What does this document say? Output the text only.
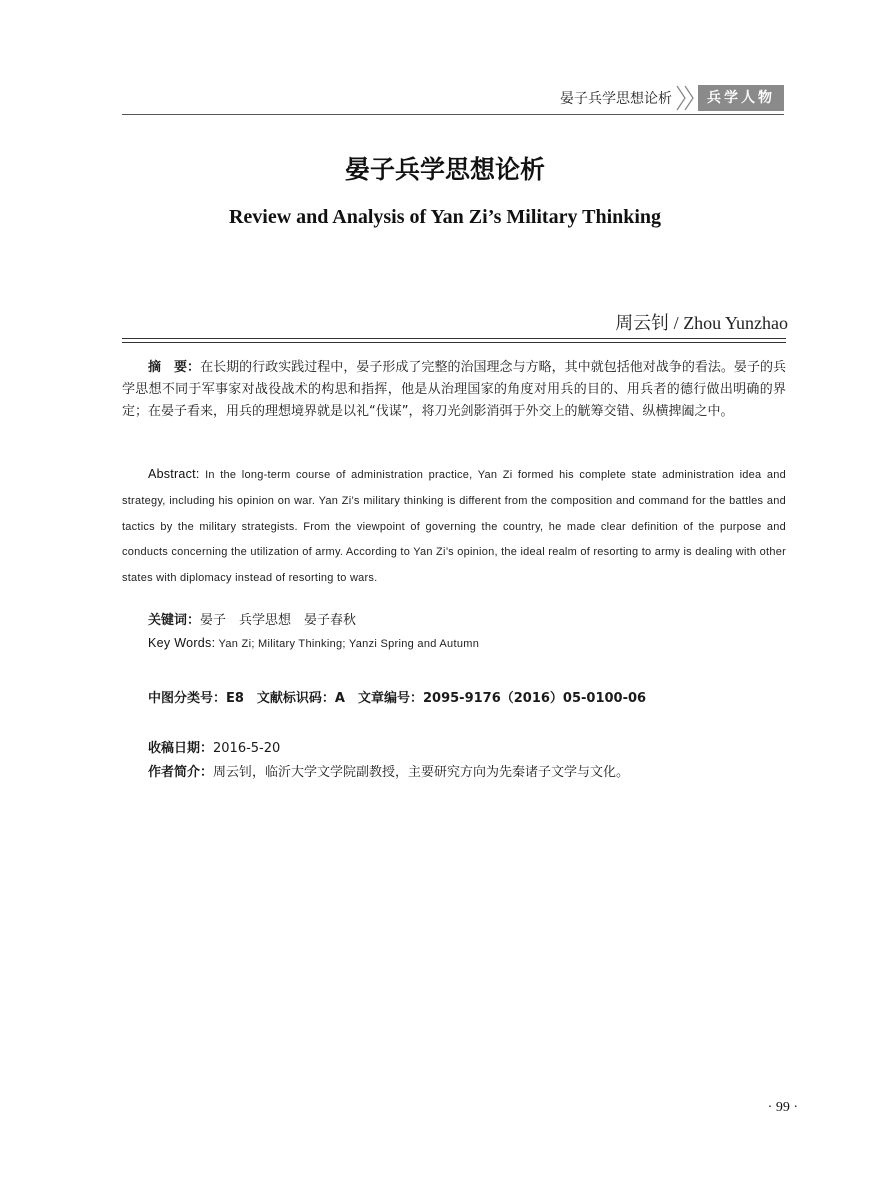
晏子兵学思想论析	兵学人物
晏子兵学思想论析
Review and Analysis of Yan Zi’s Military Thinking
周云钊 / Zhou Yunzhao
摘　要：在长期的行政实践过程中，晏子形成了完整的治国理念与方略，其中就包括他对战争的看法。晏子的兵学思想不同于军事家对战役战术的构思和指挥，他是从治理国家的角度对用兵的目的、用兵者的德行做出明确的界定；在晏子看来，用兵的理想境界就是以礼“伐谋”，将刀光剑影消弭于外交上的觥筹交错、纵横捭阖之中。
Abstract: In the long-term course of administration practice, Yan Zi formed his complete state administration idea and strategy, including his opinion on war. Yan Zi’s military thinking is different from the composition and command for the battles and tactics by the military strategists. From the viewpoint of governing the country, he made clear definition of the purpose and conducts concerning the utilization of army. According to Yan Zi’s opinion, the ideal realm of resorting to army is dealing with other states with diplomacy instead of resorting to wars.
关键词：晏子　兵学思想　晏子春秋
Key Words: Yan Zi; Military Thinking; Yanzi Spring and Autumn
中图分类号：E8　文献标识码：A　文章编号：2095-9176（2016）05-0100-06
收稿日期：2016-5-20
作者简介：周云钊，临沂大学文学院副教授，主要研究方向为先秦诸子文学与文化。
· 99 ·
